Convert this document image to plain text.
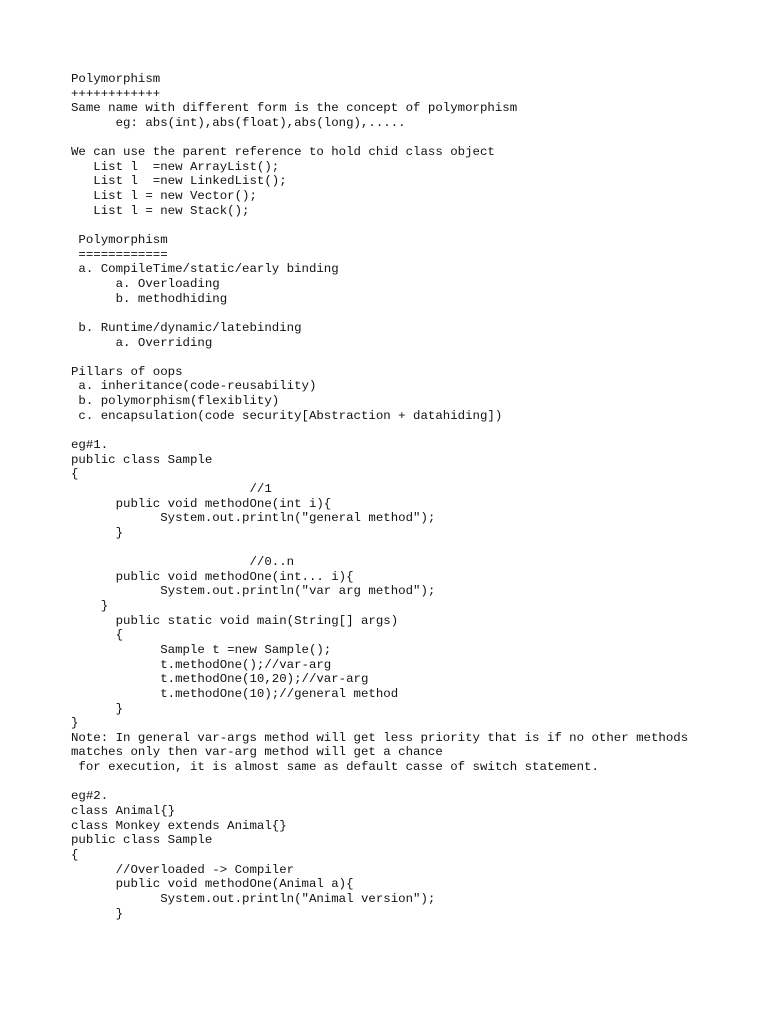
Polymorphism
++++++++++++
Same name with different form is the concept of polymorphism
eg: abs(int),abs(float),abs(long),.....
We can use the parent reference to hold chid class object
List l  =new ArrayList();
List l  =new LinkedList();
List l = new Vector();
List l = new Stack();
Polymorphism
============
a. CompileTime/static/early binding
a. Overloading
b. methodhiding
b. Runtime/dynamic/latebinding
a. Overriding
Pillars of oops
a. inheritance(code-reusability)
b. polymorphism(flexiblity)
c. encapsulation(code security[Abstraction + datahiding])
eg#1.
public class Sample
{
//1
public void methodOne(int i){
System.out.println("general method");
}
//0..n
public void methodOne(int... i){
System.out.println("var arg method");
}
public static void main(String[] args)
{
Sample t =new Sample();
t.methodOne();//var-arg
t.methodOne(10,20);//var-arg
t.methodOne(10);//general method
}
}
Note: In general var-args method will get less priority that is if no other methods
matches only then var-arg method will get a chance
for execution, it is almost same as default casse of switch statement.
eg#2.
class Animal{}
class Monkey extends Animal{}
public class Sample
{
//Overloaded -> Compiler
public void methodOne(Animal a){
System.out.println("Animal version");
}
